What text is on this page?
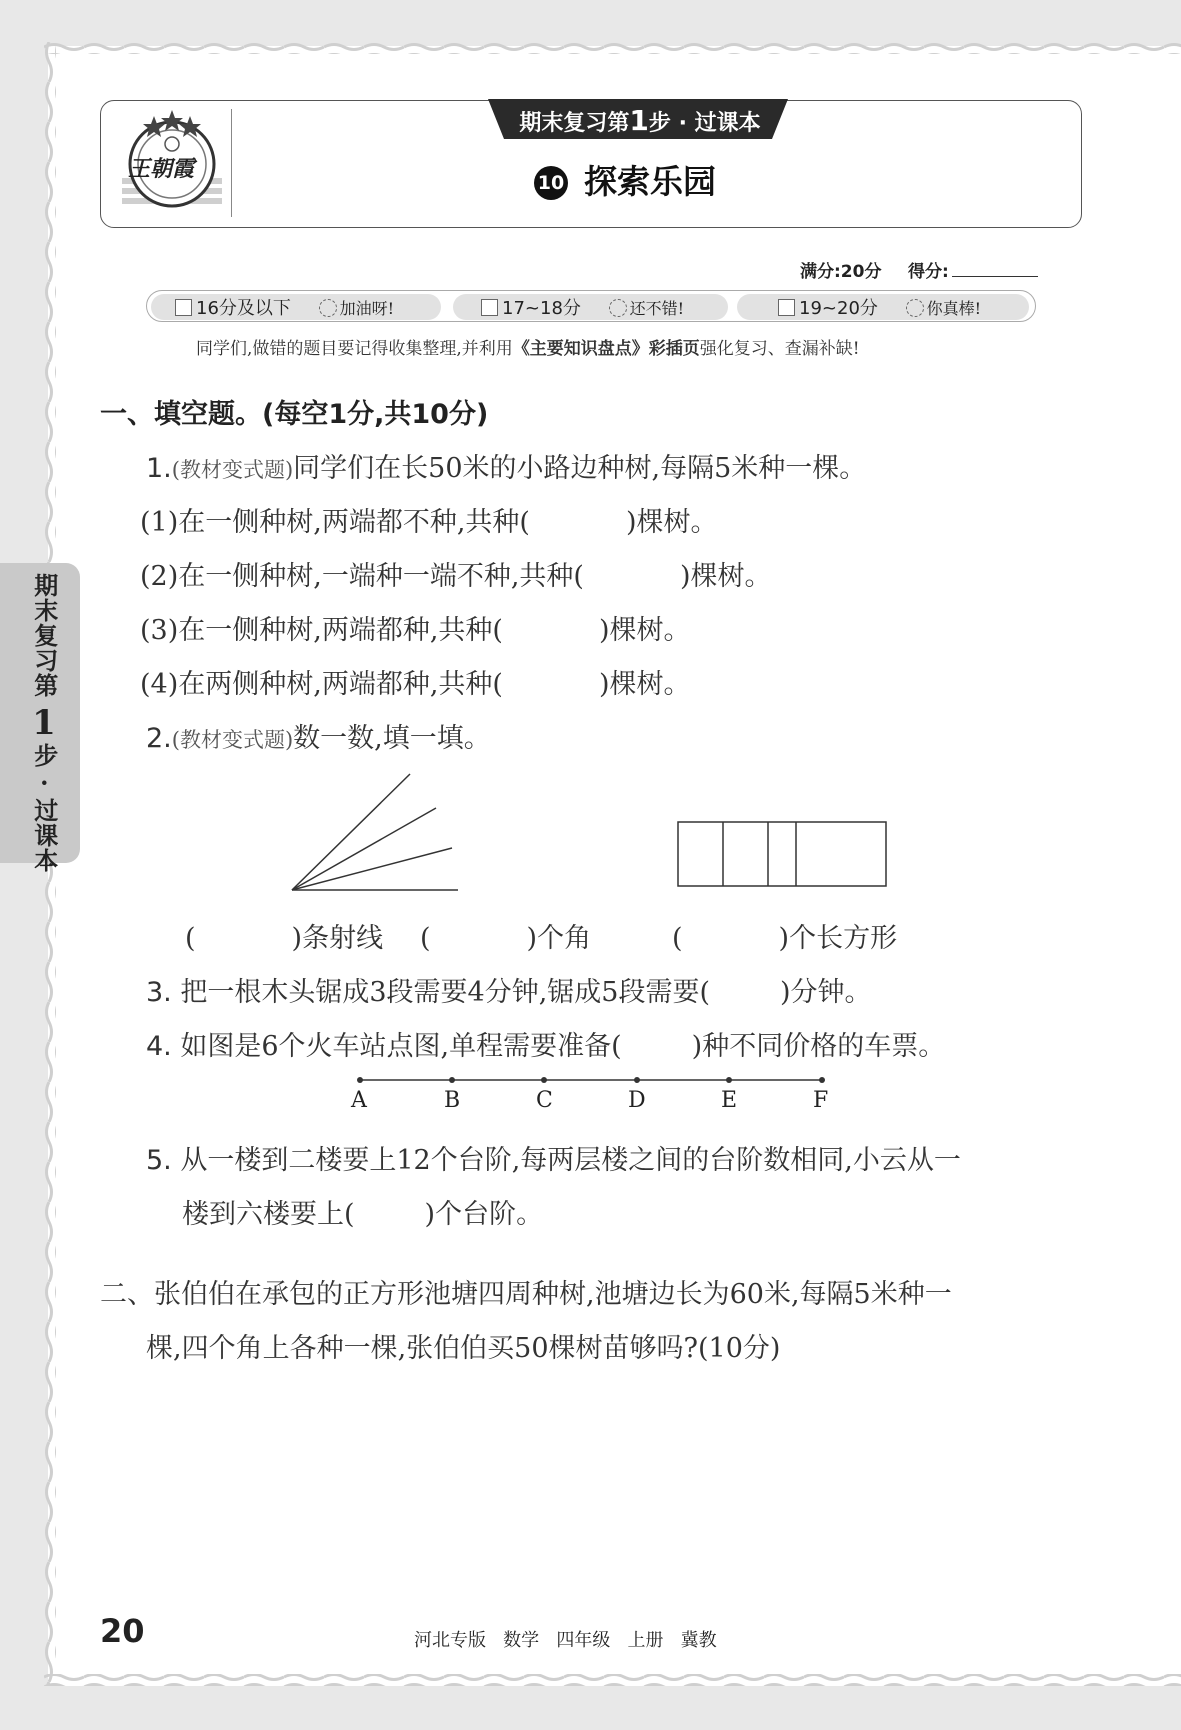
期末复习第
1
步·过课本
王朝霞
期末复习第1步 · 过课本
10 探索乐园
满分:20分 得分:
16分及以下	加油呀!	17~18分	还不错!	19~20分	你真棒!
同学们,做错的题目要记得收集整理,并利用《主要知识盘点》彩插页强化复习、查漏补缺!
一、填空题。(每空1分,共10分)
1.(教材变式题)同学们在长50米的小路边种树,每隔5米种一棵。
(1)在一侧种树,两端都不种,共种(	)棵树。
(2)在一侧种树,一端种一端不种,共种(	)棵树。
(3)在一侧种树,两端都种,共种(	)棵树。
(4)在两侧种树,两端都种,共种(	)棵树。
2.(教材变式题)数一数,填一填。
(	)条射线 (	)个角	(	)个长方形
3. 把一根木头锯成3段需要4分钟,锯成5段需要(	)分钟。
4. 如图是6个火车站点图,单程需要准备(	)种不同价格的车票。
A	B	C	D	E	F
5. 从一楼到二楼要上12个台阶,每两层楼之间的台阶数相同,小云从一
楼到六楼要上(	)个台阶。
二、张伯伯在承包的正方形池塘四周种树,池塘边长为60米,每隔5米种一
棵,四个角上各种一棵,张伯伯买50棵树苗够吗?(10分)
20	河北专版   数学   四年级   上册   冀教
